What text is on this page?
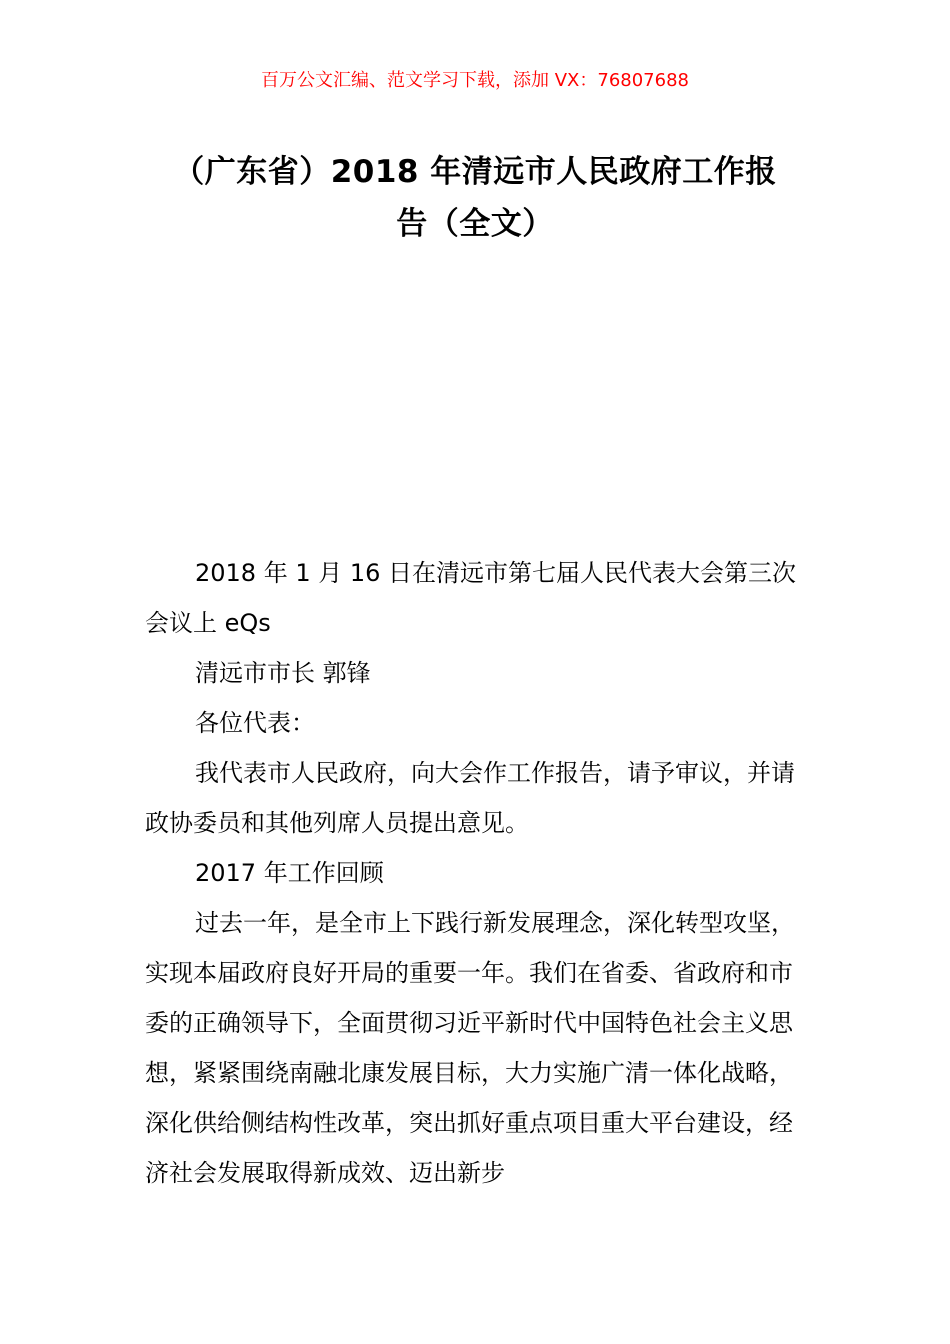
百万公文汇编、范文学习下载，添加 VX：76807688
（广东省）2018 年清远市人民政府工作报
告（全文）

2018 年 1 月 16 日在清远市第七届人民代表大会第三次会议上 eQs

清远市市长 郭锋

各位代表：

我代表市人民政府，向大会作工作报告，请予审议，并请政协委员和其他列席人员提出意见。

2017 年工作回顾

过去一年，是全市上下践行新发展理念，深化转型攻坚，实现本届政府良好开局的重要一年。我们在省委、省政府和市委的正确领导下，全面贯彻习近平新时代中国特色社会主义思想，紧紧围绕南融北康发展目标，大力实施广清一体化战略，深化供给侧结构性改革，突出抓好重点项目重大平台建设，经济社会发展取得新成效、迈出新步
